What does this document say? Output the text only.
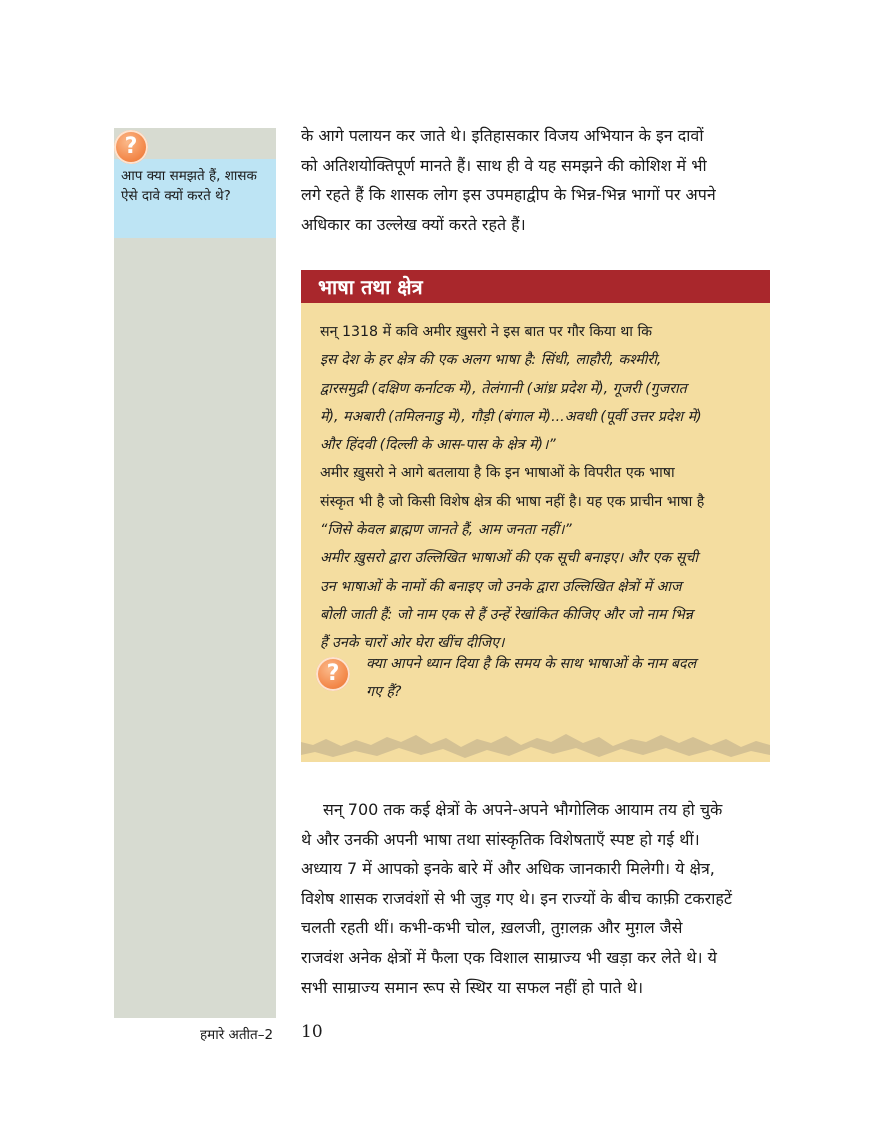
?
आप क्या समझते हैं, शासक ऐसे दावे क्यों करते थे?

के आगे पलायन कर जाते थे। इतिहासकार विजय अभियान के इन दावों

को अतिशयोक्तिपूर्ण मानते हैं। साथ ही वे यह समझने की कोशिश में भी

लगे रहते हैं कि शासक लोग इस उपमहाद्वीप के भिन्न-भिन्न भागों पर अपने

अधिकार का उल्लेख क्यों करते रहते हैं।

भाषा तथा क्षेत्र

सन् 1318 में कवि अमीर ख़ुसरो ने इस बात पर गौर किया था कि

इस देश के हर क्षेत्र की एक अलग भाषा है: सिंधी, लाहौरी, कश्मीरी,

द्वारसमुद्री (दक्षिण कर्नाटक में), तेलंगानी (आंध्र प्रदेश में), गूजरी (गुजरात

में), मअबारी (तमिलनाडु में), गौड़ी (बंगाल में)...अवधी (पूर्वी उत्तर प्रदेश में)

और हिंदवी (दिल्ली के आस-पास के क्षेत्र में)।”

अमीर ख़ुसरो ने आगे बतलाया है कि इन भाषाओं के विपरीत एक भाषा

संस्कृत भी है जो किसी विशेष क्षेत्र की भाषा नहीं है। यह एक प्राचीन भाषा है

“जिसे केवल ब्राह्मण जानते हैं, आम जनता नहीं।”

अमीर ख़ुसरो द्वारा उल्लिखित भाषाओं की एक सूची बनाइए। और एक सूची

उन भाषाओं के नामों की बनाइए जो उनके द्वारा उल्लिखित क्षेत्रों में आज

बोली जाती हैं: जो नाम एक से हैं उन्हें रेखांकित कीजिए और जो नाम भिन्न

हैं उनके चारों ओर घेरा खींच दीजिए।

?	क्या आपने ध्यान दिया है कि समय के साथ भाषाओं के नाम बदल
गए हैं?

सन् 700 तक कई क्षेत्रों के अपने-अपने भौगोलिक आयाम तय हो चुके

थे और उनकी अपनी भाषा तथा सांस्कृतिक विशेषताएँ स्पष्ट हो गई थीं।

अध्याय 7 में आपको इनके बारे में और अधिक जानकारी मिलेगी। ये क्षेत्र,

विशेष शासक राजवंशों से भी जुड़ गए थे। इन राज्यों के बीच काफ़ी टकराहटें

चलती रहती थीं। कभी-कभी चोल, ख़लजी, तुग़लक़ और मुग़ल जैसे

राजवंश अनेक क्षेत्रों में फैला एक विशाल साम्राज्य भी खड़ा कर लेते थे। ये

सभी साम्राज्य समान रूप से स्थिर या सफल नहीं हो पाते थे।

हमारे अतीत–2 10
